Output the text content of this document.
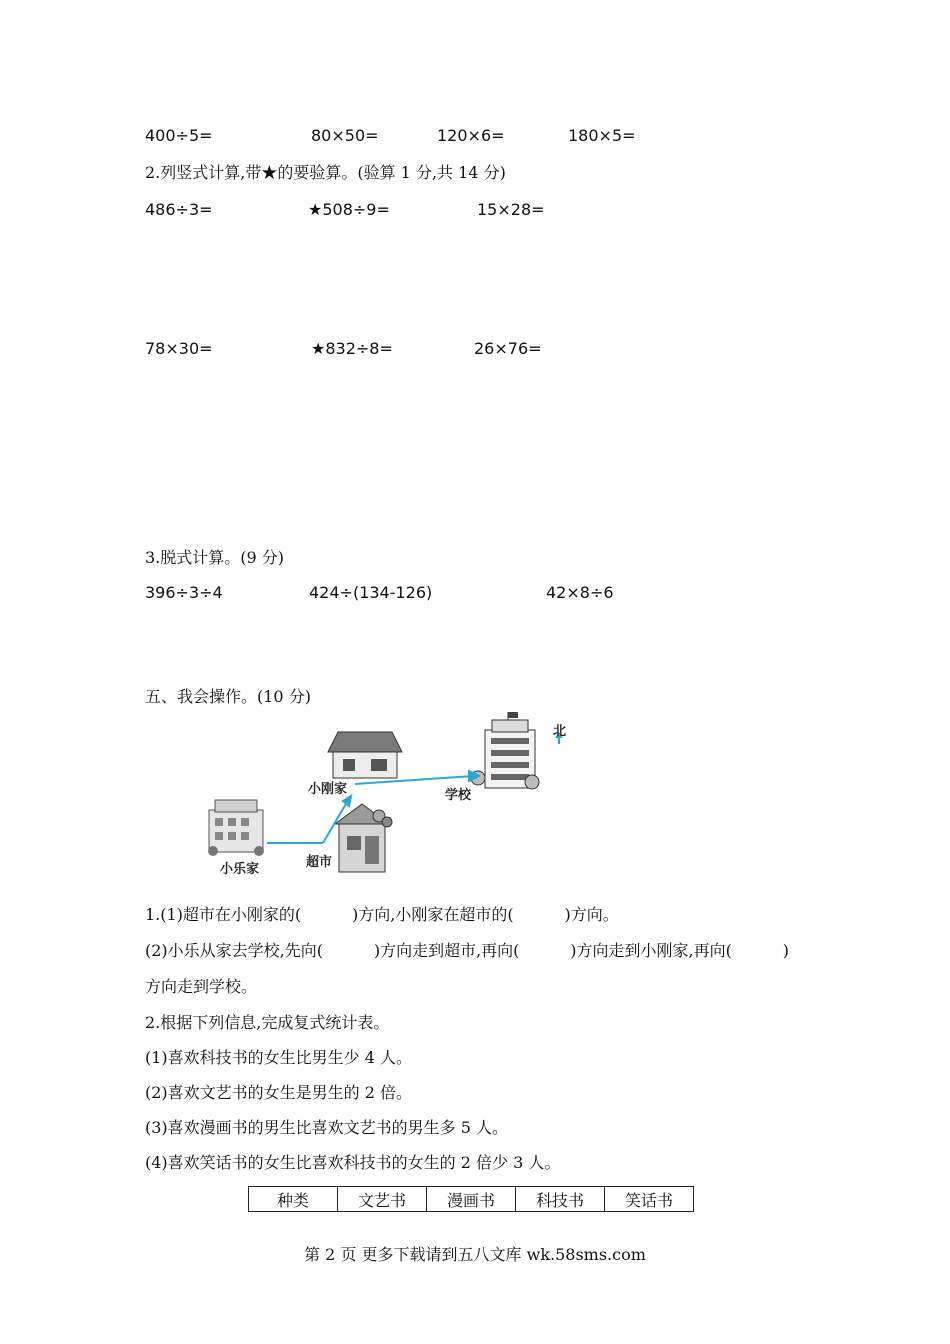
400÷5=	80×50=	120×6=	180×5=
2.列竖式计算,带★的要验算。(验算 1 分,共 14 分)
486÷3=	★508÷9=	15×28=
78×30=	★832÷8=	26×76=
3.脱式计算。(9 分)
396÷3÷4	424÷(134-126)	42×8÷6
五、我会操作。(10 分)
北
小刚家	学校
小乐家	超市
1.(1)超市在小刚家的(          )方向,小刚家在超市的(          )方向。
(2)小乐从家去学校,先向(          )方向走到超市,再向(          )方向走到小刚家,再向(          )
方向走到学校。
2.根据下列信息,完成复式统计表。
(1)喜欢科技书的女生比男生少 4 人。
(2)喜欢文艺书的女生是男生的 2 倍。
(3)喜欢漫画书的男生比喜欢文艺书的男生多 5 人。
(4)喜欢笑话书的女生比喜欢科技书的女生的 2 倍少 3 人。
种类	文艺书	漫画书	科技书	笑话书
第 2 页 更多下载请到五八文库 wk.58sms.com
